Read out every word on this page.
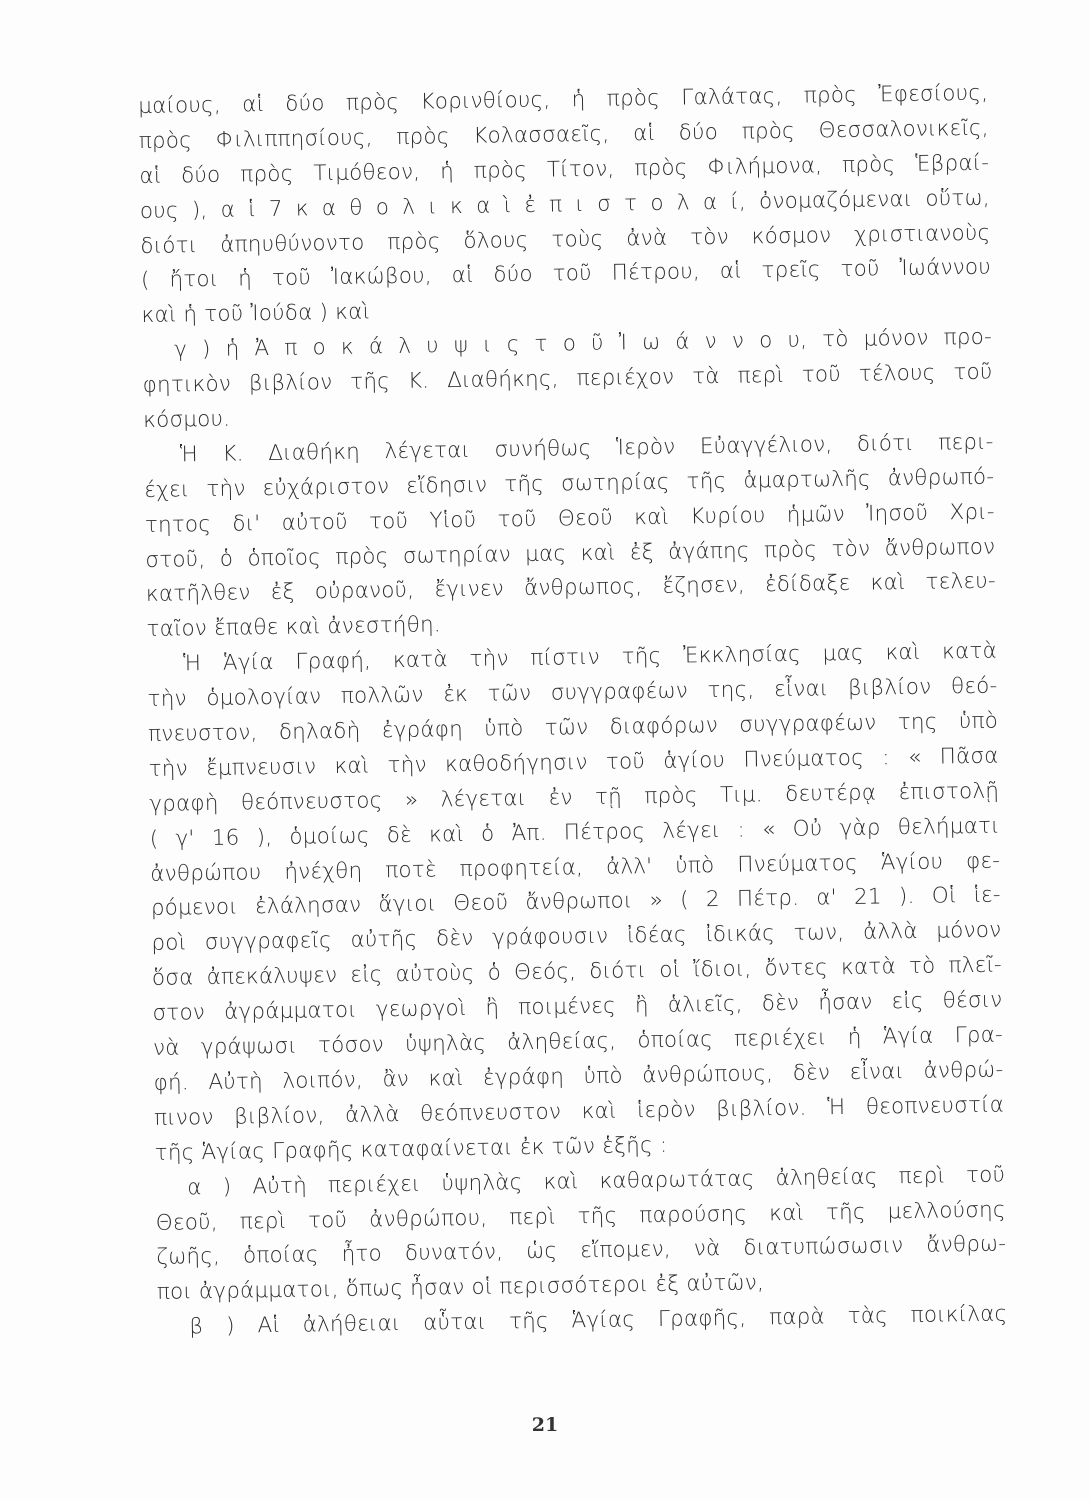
μαίους, αἱ δύο πρὸς Κορινθίους, ἡ πρὸς Γαλάτας, πρὸς Ἐφεσίους,
πρὸς Φιλιππησίους, πρὸς Κολασσαεῖς, αἱ δύο πρὸς Θεσσαλονικεῖς,
αἱ δύο πρὸς Τιμόθεον, ἡ πρὸς Τίτον, πρὸς Φιλήμονα, πρὸς Ἑβραί-
ους ), α ἱ 7 κ α θ ο λ ι κ α ὶ ἐ π ι σ τ ο λ α ί, ὀνομαζόμεναι οὕτω,
διότι ἀπηυθύνοντο πρὸς ὅλους τοὺς ἀνὰ τὸν κόσμον χριστιανοὺς
( ἤτοι ἡ τοῦ Ἰακώβου, αἱ δύο τοῦ Πέτρου, αἱ τρεῖς τοῦ Ἰωάννου
καὶ ἡ τοῦ Ἰούδα ) καὶ
γ ) ἡ Ἀ π ο κ ά λ υ ψ ι ς τ ο ῦ Ἰ ω ά ν ν ο υ, τὸ μόνον προ-
φητικὸν βιβλίον τῆς Κ. Διαθήκης, περιέχον τὰ περὶ τοῦ τέλους τοῦ
κόσμου.
Ἡ Κ. Διαθήκη λέγεται συνήθως Ἱερὸν Εὐαγγέλιον, διότι περι-
έχει τὴν εὐχάριστον εἴδησιν τῆς σωτηρίας τῆς ἁμαρτωλῆς ἀνθρωπό-
τητος δι' αὐτοῦ τοῦ Υἱοῦ τοῦ Θεοῦ καὶ Κυρίου ἡμῶν Ἰησοῦ Χρι-
στοῦ, ὁ ὁποῖος πρὸς σωτηρίαν μας καὶ ἐξ ἀγάπης πρὸς τὸν ἄνθρωπον
κατῆλθεν ἐξ οὐρανοῦ, ἔγινεν ἄνθρωπος, ἔζησεν, ἐδίδαξε καὶ τελευ-
ταῖον ἔπαθε καὶ ἀνεστήθη.
Ἡ Ἁγία Γραφή, κατὰ τὴν πίστιν τῆς Ἐκκλησίας μας καὶ κατὰ
τὴν ὁμολογίαν πολλῶν ἐκ τῶν συγγραφέων της, εἶναι βιβλίον θεό-
πνευστον, δηλαδὴ ἐγράφη ὑπὸ τῶν διαφόρων συγγραφέων της ὑπὸ
τὴν ἔμπνευσιν καὶ τὴν καθοδήγησιν τοῦ ἁγίου Πνεύματος : « Πᾶσα
γραφὴ θεόπνευστος » λέγεται ἐν τῇ πρὸς Τιμ. δευτέρᾳ ἐπιστολῇ
( γ' 16 ), ὁμοίως δὲ καὶ ὁ Ἀπ. Πέτρος λέγει : « Οὐ γὰρ θελήματι
ἀνθρώπου ἠνέχθη ποτὲ προφητεία, ἀλλ' ὑπὸ Πνεύματος Ἁγίου φε-
ρόμενοι ἐλάλησαν ἅγιοι Θεοῦ ἄνθρωποι » ( 2 Πέτρ. α' 21 ). Οἱ ἱε-
ροὶ συγγραφεῖς αὐτῆς δὲν γράφουσιν ἰδέας ἰδικάς των, ἀλλὰ μόνον
ὅσα ἀπεκάλυψεν εἰς αὐτοὺς ὁ Θεός, διότι οἱ ἴδιοι, ὄντες κατὰ τὸ πλεῖ-
στον ἀγράμματοι γεωργοὶ ἢ ποιμένες ἢ ἁλιεῖς, δὲν ἦσαν εἰς θέσιν
νὰ γράψωσι τόσον ὑψηλὰς ἀληθείας, ὁποίας περιέχει ἡ Ἁγία Γρα-
φή. Αὐτὴ λοιπόν, ἂν καὶ ἐγράφη ὑπὸ ἀνθρώπους, δὲν εἶναι ἀνθρώ-
πινον βιβλίον, ἀλλὰ θεόπνευστον καὶ ἱερὸν βιβλίον. Ἡ θεοπνευστία
τῆς Ἁγίας Γραφῆς καταφαίνεται ἐκ τῶν ἑξῆς :
α ) Αὐτὴ περιέχει ὑψηλὰς καὶ καθαρωτάτας ἀληθείας περὶ τοῦ
Θεοῦ, περὶ τοῦ ἀνθρώπου, περὶ τῆς παρούσης καὶ τῆς μελλούσης
ζωῆς, ὁποίας ἦτο δυνατόν, ὡς εἴπομεν, νὰ διατυπώσωσιν ἄνθρω-
ποι ἀγράμματοι, ὅπως ἦσαν οἱ περισσότεροι ἐξ αὐτῶν,
β ) Αἱ ἀλήθειαι αὗται τῆς Ἁγίας Γραφῆς, παρὰ τὰς ποικίλας
21
